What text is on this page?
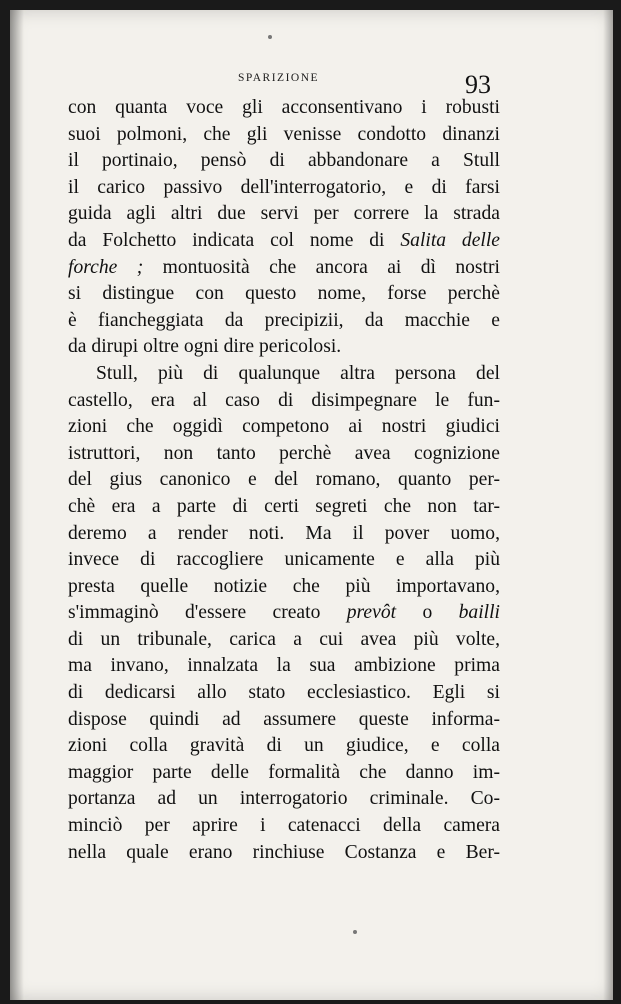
SPARIZIONE	93
con quanta voce gli acconsentivano i robusti
suoi polmoni, che gli venisse condotto dinanzi
il portinaio, pensò di abbandonare a Stull
il carico passivo dell'interrogatorio, e di farsi
guida agli altri due servi per correre la strada
da Folchetto indicata col nome di Salita delle
forche ; montuosità che ancora ai dì nostri
si distingue con questo nome, forse perchè
è fiancheggiata da precipizii, da macchie e
da dirupi oltre ogni dire pericolosi.
Stull, più di qualunque altra persona del
castello, era al caso di disimpegnare le fun-
zioni che oggidì competono ai nostri giudici
istruttori, non tanto perchè avea cognizione
del gius canonico e del romano, quanto per-
chè era a parte di certi segreti che non tar-
deremo a render noti. Ma il pover uomo,
invece di raccogliere unicamente e alla più
presta quelle notizie che più importavano,
s'immaginò d'essere creato prevôt o bailli
di un tribunale, carica a cui avea più volte,
ma invano, innalzata la sua ambizione prima
di dedicarsi allo stato ecclesiastico. Egli si
dispose quindi ad assumere queste informa-
zioni colla gravità di un giudice, e colla
maggior parte delle formalità che danno im-
portanza ad un interrogatorio criminale. Co-
minciò per aprire i catenacci della camera
nella quale erano rinchiuse Costanza e Ber-
